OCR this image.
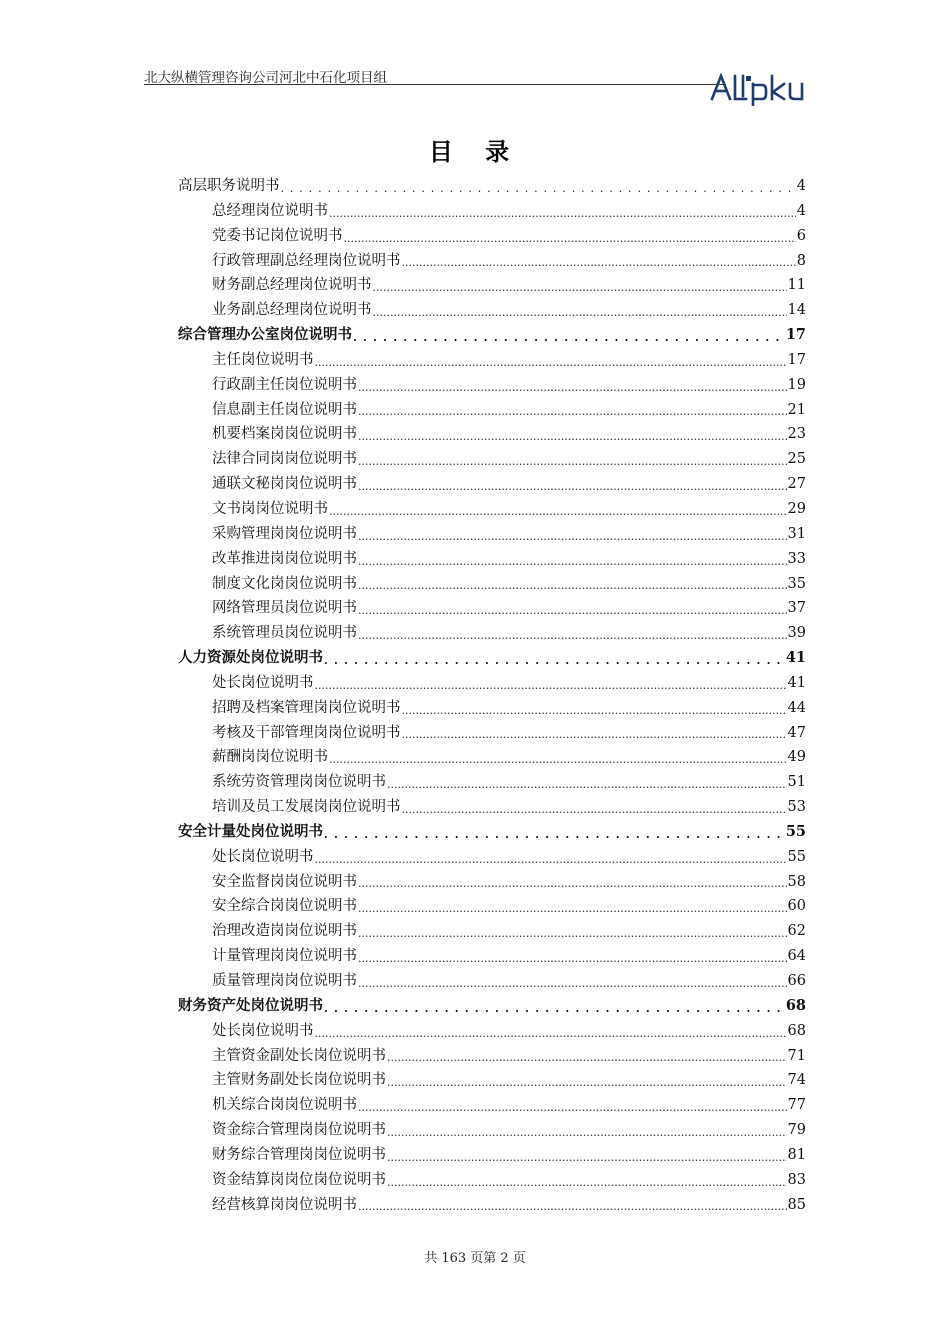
北大纵横管理咨询公司河北中石化项目组
目 录
高层职务说明书 . . .	4
总经理岗位说明书 .....	4
党委书记岗位说明书 .....	6
行政管理副总经理岗位说明书 .....	8
财务副总经理岗位说明书 .....	11
业务副总经理岗位说明书 .....	14
综合管理办公室岗位说明书 . . .	17
主任岗位说明书 .....	17
行政副主任岗位说明书 .....	19
信息副主任岗位说明书 .....	21
机要档案岗岗位说明书 .....	23
法律合同岗岗位说明书 .....	25
通联文秘岗岗位说明书 .....	27
文书岗岗位说明书 .....	29
采购管理岗岗位说明书 .....	31
改革推进岗岗位说明书 .....	33
制度文化岗岗位说明书 .....	35
网络管理员岗位说明书 .....	37
系统管理员岗位说明书 .....	39
人力资源处岗位说明书 . . .	41
处长岗位说明书 .....	41
招聘及档案管理岗岗位说明书 .....	44
考核及干部管理岗岗位说明书 .....	47
薪酬岗岗位说明书 .....	49
系统劳资管理岗岗位说明书 .....	51
培训及员工发展岗岗位说明书 .....	53
安全计量处岗位说明书 . . .	55
处长岗位说明书 .....	55
安全监督岗岗位说明书 .....	58
安全综合岗岗位说明书 .....	60
治理改造岗岗位说明书 .....	62
计量管理岗岗位说明书 .....	64
质量管理岗岗位说明书 .....	66
财务资产处岗位说明书 . . .	68
处长岗位说明书 .....	68
主管资金副处长岗位说明书 .....	71
主管财务副处长岗位说明书 .....	74
机关综合岗岗位说明书 .....	77
资金综合管理岗岗位说明书 .....	79
财务综合管理岗岗位说明书 .....	81
资金结算岗岗位岗位说明书 .....	83
经营核算岗岗位说明书 .....	85
共 163 页第 2 页
